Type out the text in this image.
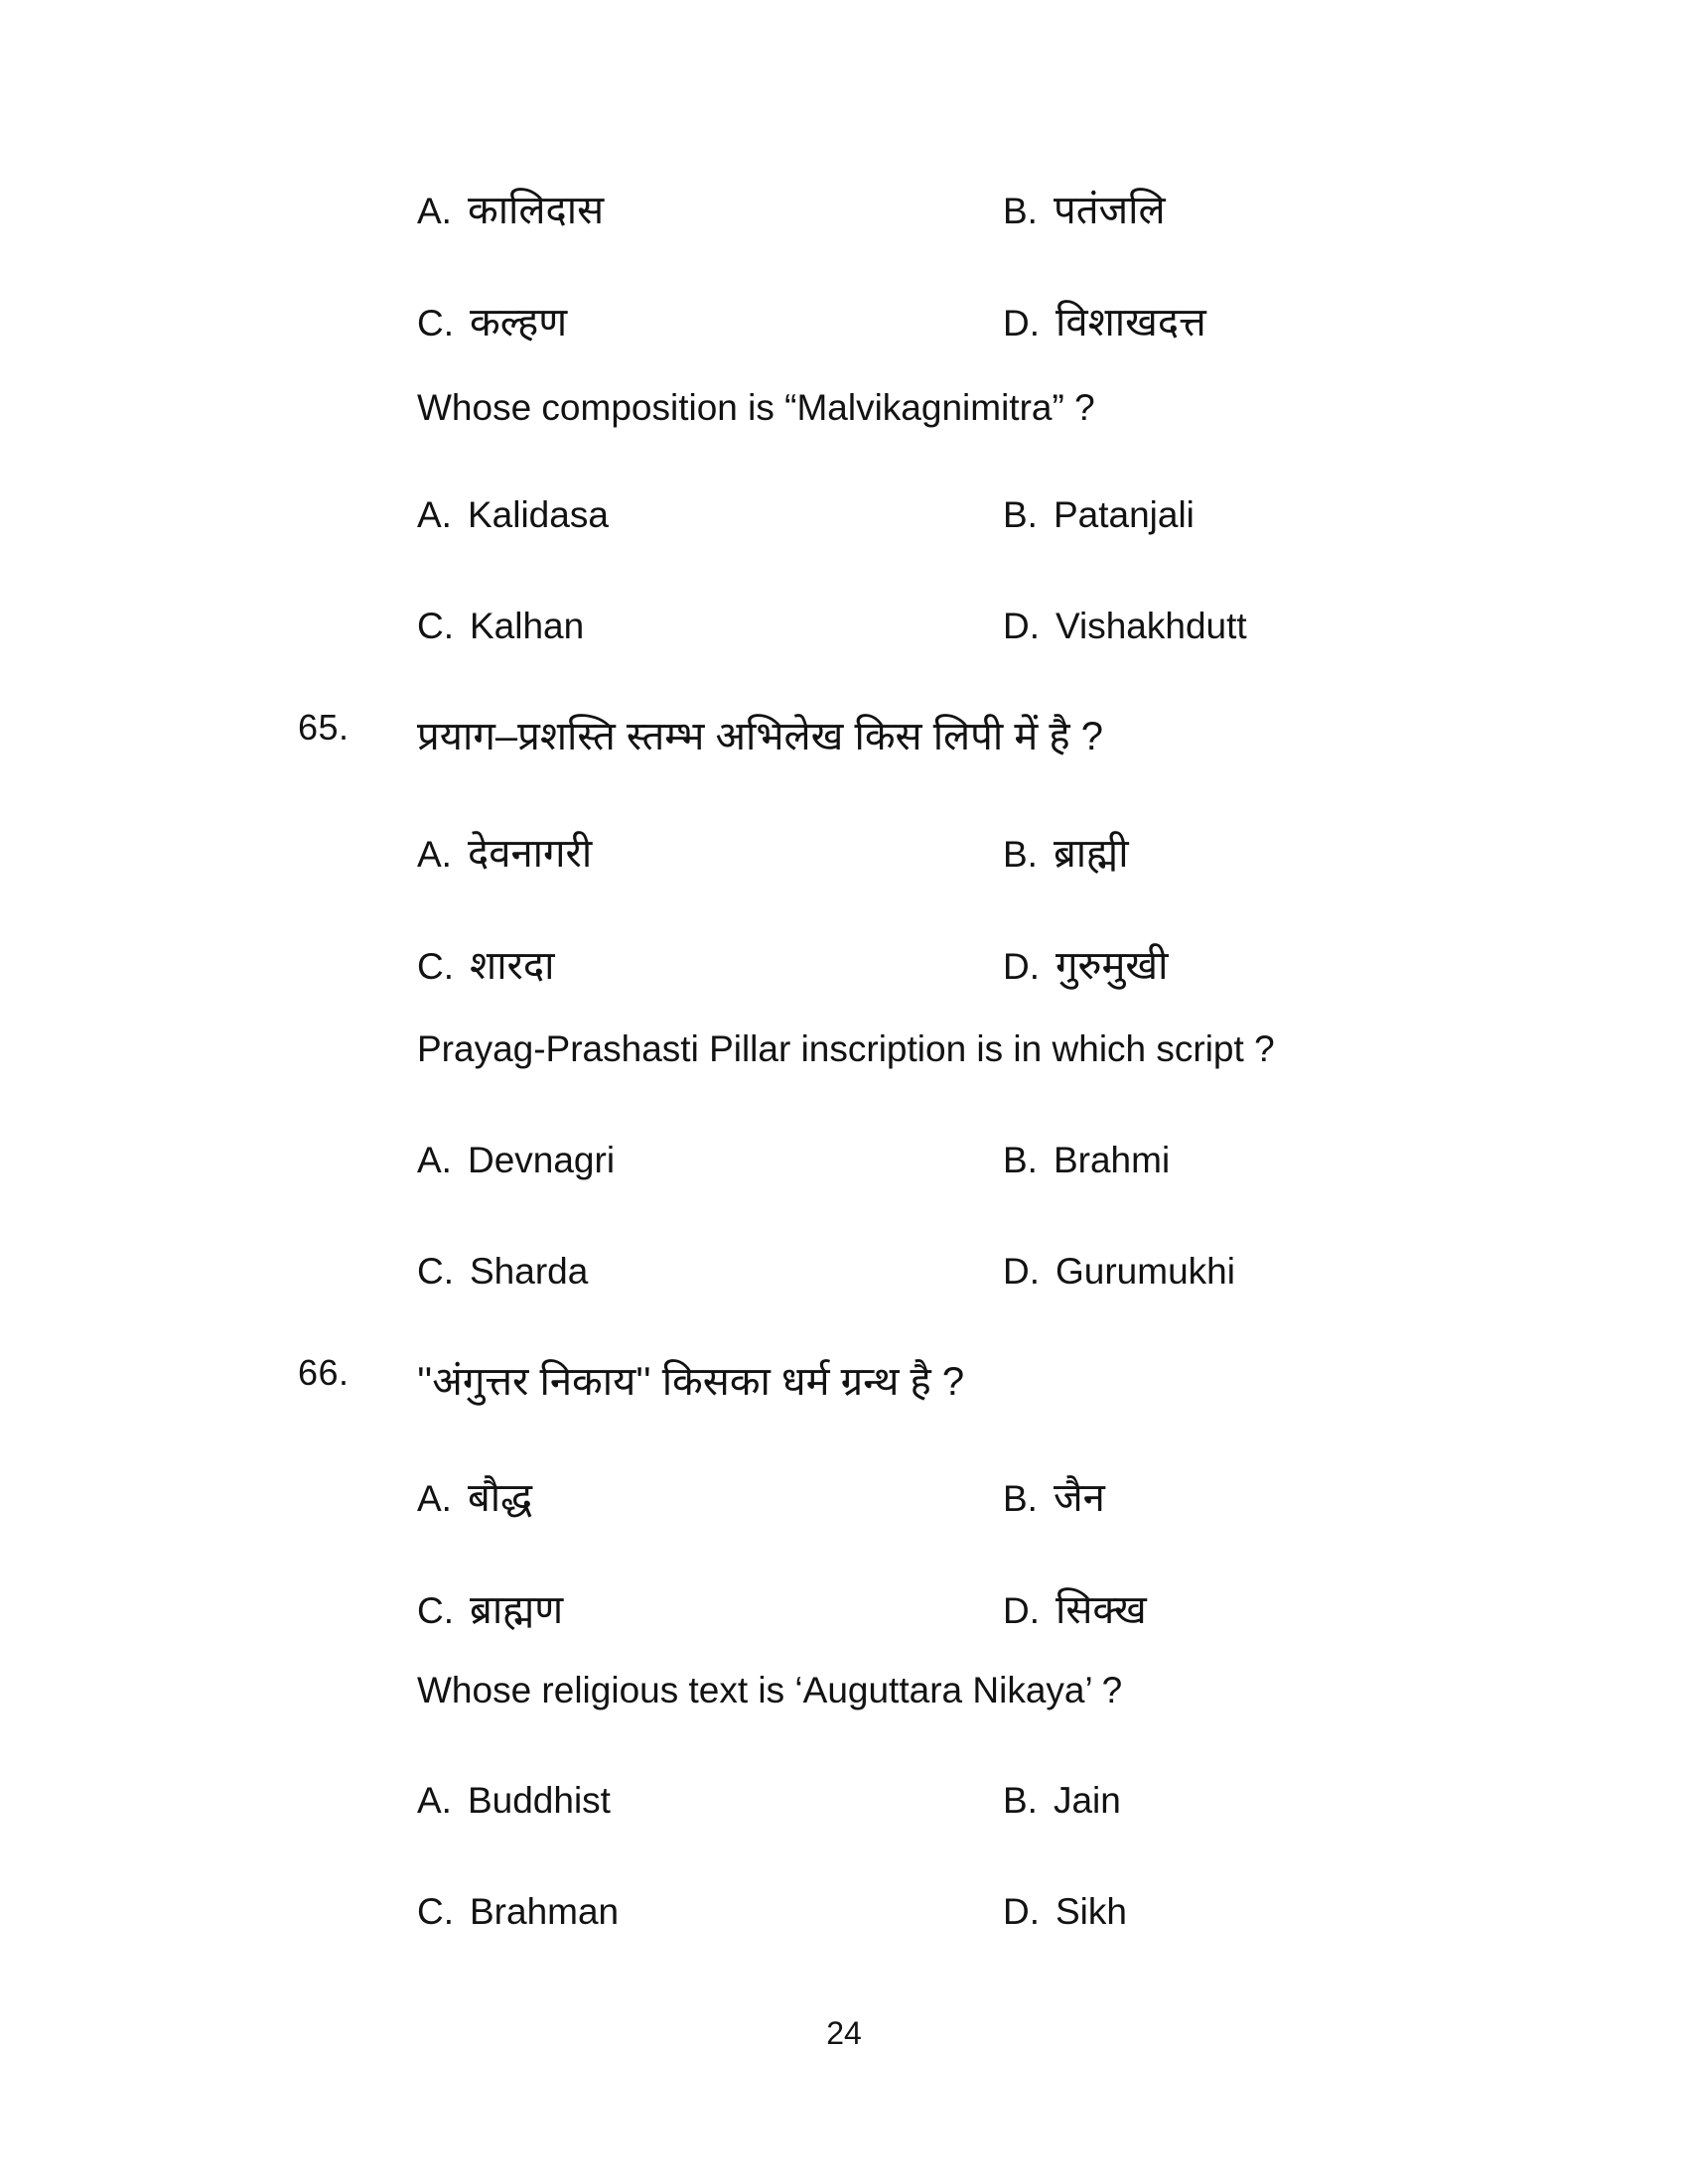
A. कालिदास	B. पतंजलि
C. कल्हण	D. विशाखदत्त
Whose composition is “Malvikagnimitra” ?
A. Kalidasa	B. Patanjali
C. Kalhan	D. Vishakhdutt
65. प्रयाग–प्रशस्ति स्तम्भ अभिलेख किस लिपी में है ?
A. देवनागरी	B. ब्राह्मी
C. शारदा	D. गुरुमुखी
Prayag-Prashasti Pillar inscription is in which script ?
A. Devnagri	B. Brahmi
C. Sharda	D. Gurumukhi
66. ''अंगुत्तर निकाय'' किसका धर्म ग्रन्थ है ?
A. बौद्ध	B. जैन
C. ब्राह्मण	D. सिक्ख
Whose religious text is ‘Auguttara Nikaya’ ?
A. Buddhist	B. Jain
C. Brahman	D. Sikh
24
